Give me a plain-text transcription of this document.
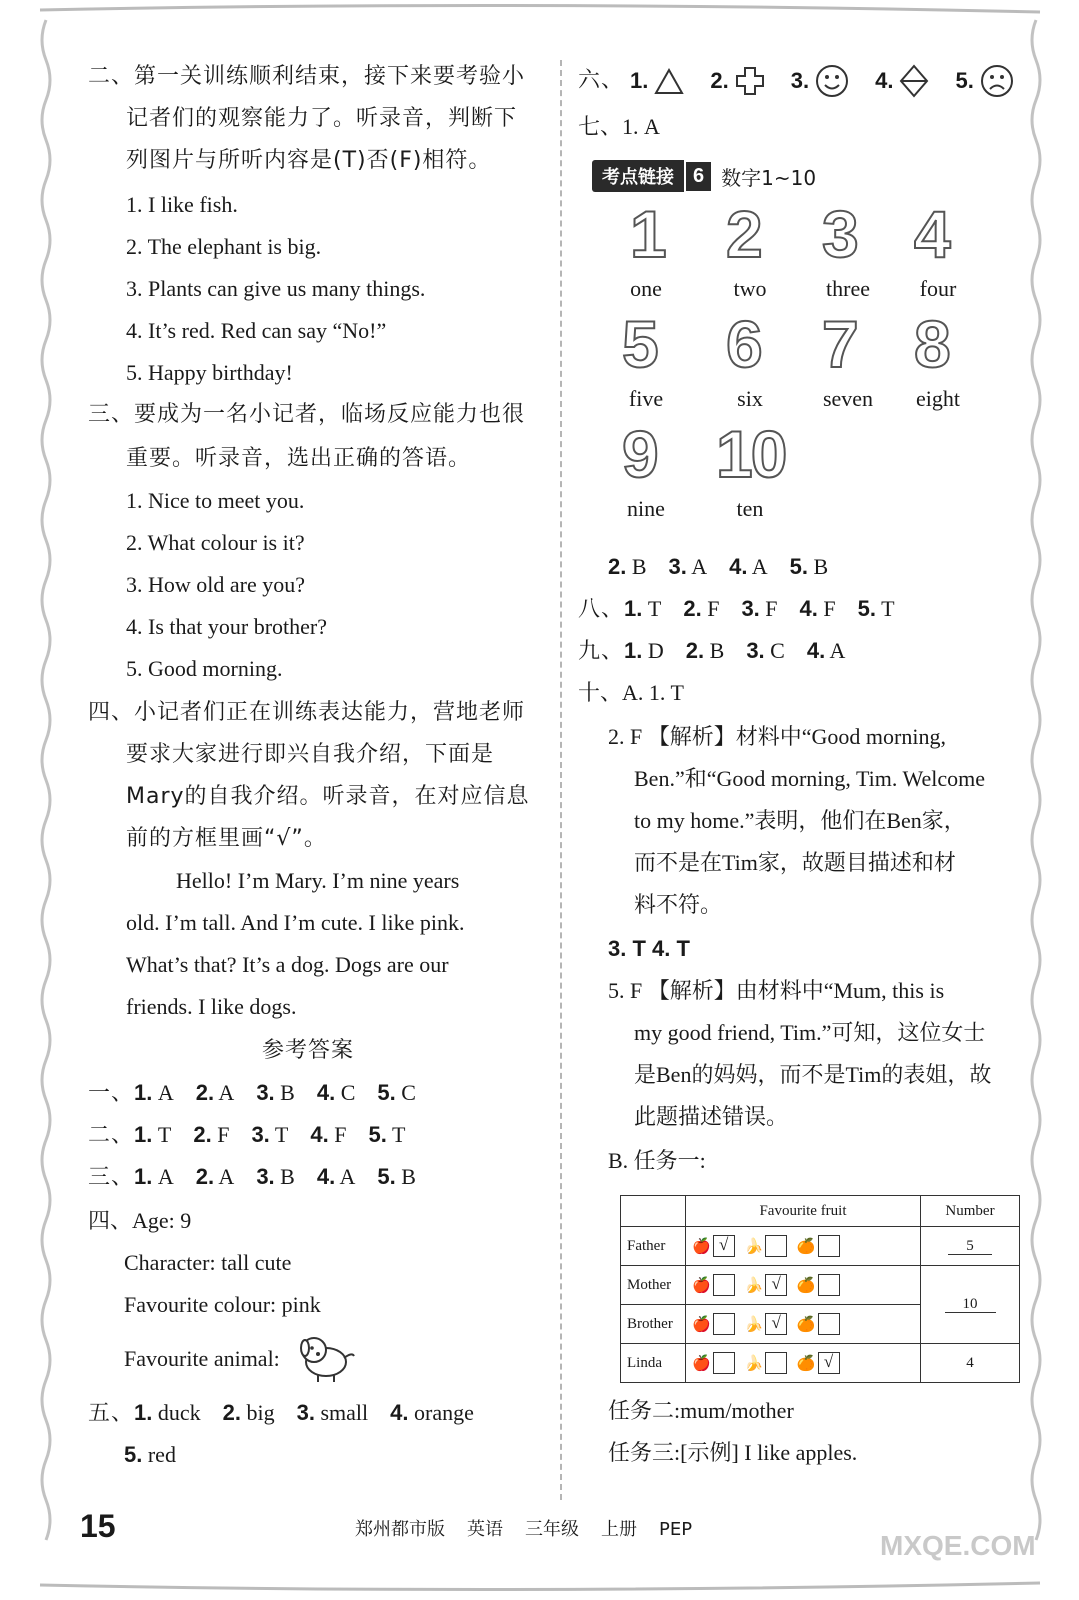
二、第一关训练顺利结束，接下来要考验小
记者们的观察能力了。听录音，判断下
列图片与所听内容是(T)否(F)相符。
1. I like fish.
2. The elephant is big.
3. Plants can give us many things.
4. It’s red. Red can say “No!”
5. Happy birthday!
三、要成为一名小记者，临场反应能力也很
重要。听录音，选出正确的答语。
1. Nice to meet you.
2. What colour is it?
3. How old are you?
4. Is that your brother?
5. Good morning.
四、小记者们正在训练表达能力，营地老师
要求大家进行即兴自我介绍，下面是
Mary的自我介绍。听录音，在对应信息
前的方框里画“√”。
Hello! I’m Mary. I’m nine years
old. I’m tall. And I’m cute. I like pink.
What’s that? It’s a dog. Dogs are our
friends. I like dogs.
参考答案
一、1. A 2. A 3. B 4. C 5. C
二、1. T 2. F 3. T 4. F 5. T
三、1. A 2. A 3. B 4. A 5. B
四、Age: 9
Character: tall cute
Favourite colour: pink
Favourite animal:
五、1. duck 2. big 3. small 4. orange
5. red
六、 1.	2.	3.	4.	5.
七、1. A
考点链接 6 数字1~10
1 2 3 4
one	two	three	four
5 6 7 8
five	six	seven	eight
9 10
nine	ten
2. B 3. A 4. A 5. B
八、1. T 2. F 3. F 4. F 5. T
九、1. D 2. B 3. C 4. A
十、A. 1. T
2. F 【解析】材料中“Good morning,
Ben.”和“Good morning, Tim. Welcome
to my home.”表明，他们在Ben家，
而不是在Tim家，故题目描述和材
料不符。
3. T 4. T
5. F 【解析】由材料中“Mum, this is
my good friend, Tim.”可知，这位女士
是Ben的妈妈，而不是Tim的表姐，故
此题描述错误。
B. 任务一:
	Favourite fruit	Number
Father	🍎 √ 🍌 🍊	5
Mother	🍎 🍌 √ 🍊	10
Brother	🍎 🍌 √ 🍊	
Linda	🍎 🍌 🍊 √	4
任务二:mum/mother
任务三:[示例] I like apples.
15	郑州都市版 英语 三年级 上册 PEP
MXQE.COM
